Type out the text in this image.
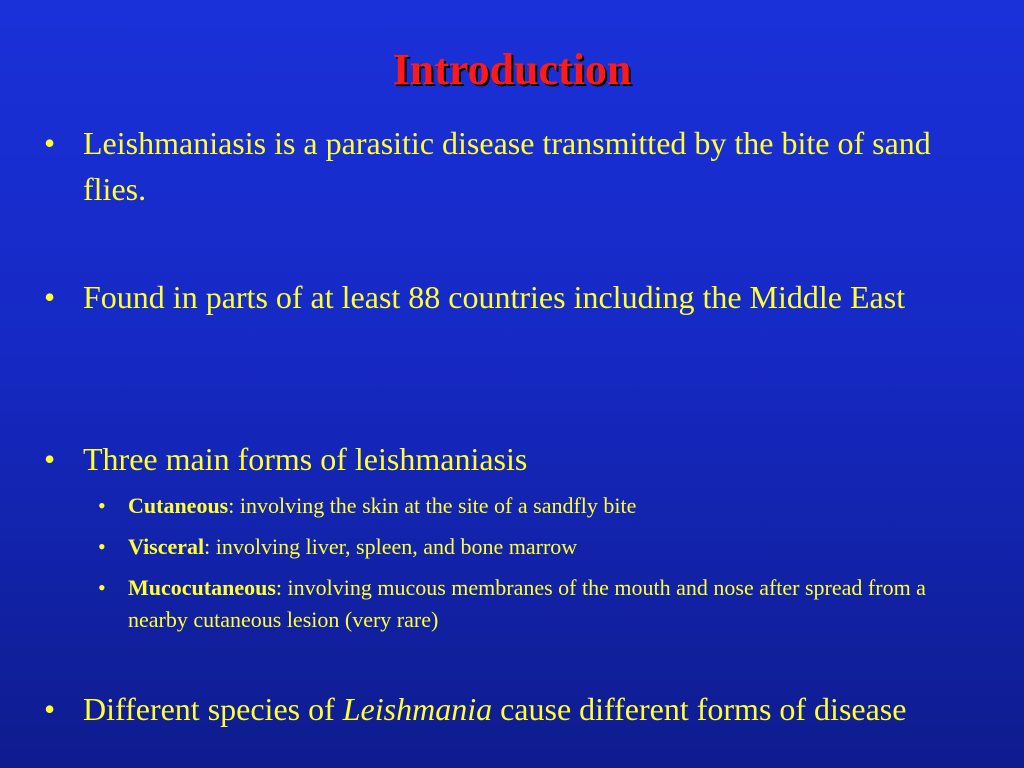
Introduction
• Leishmaniasis is a parasitic disease transmitted by the bite of sand flies.
• Found in parts of at least 88 countries including the Middle East
• Three main forms of leishmaniasis
• Cutaneous: involving the skin at the site of a sandfly bite
• Visceral: involving liver, spleen, and bone marrow
• Mucocutaneous: involving mucous membranes of the mouth and nose after spread from a nearby cutaneous lesion (very rare)
• Different species of Leishmania cause different forms of disease
